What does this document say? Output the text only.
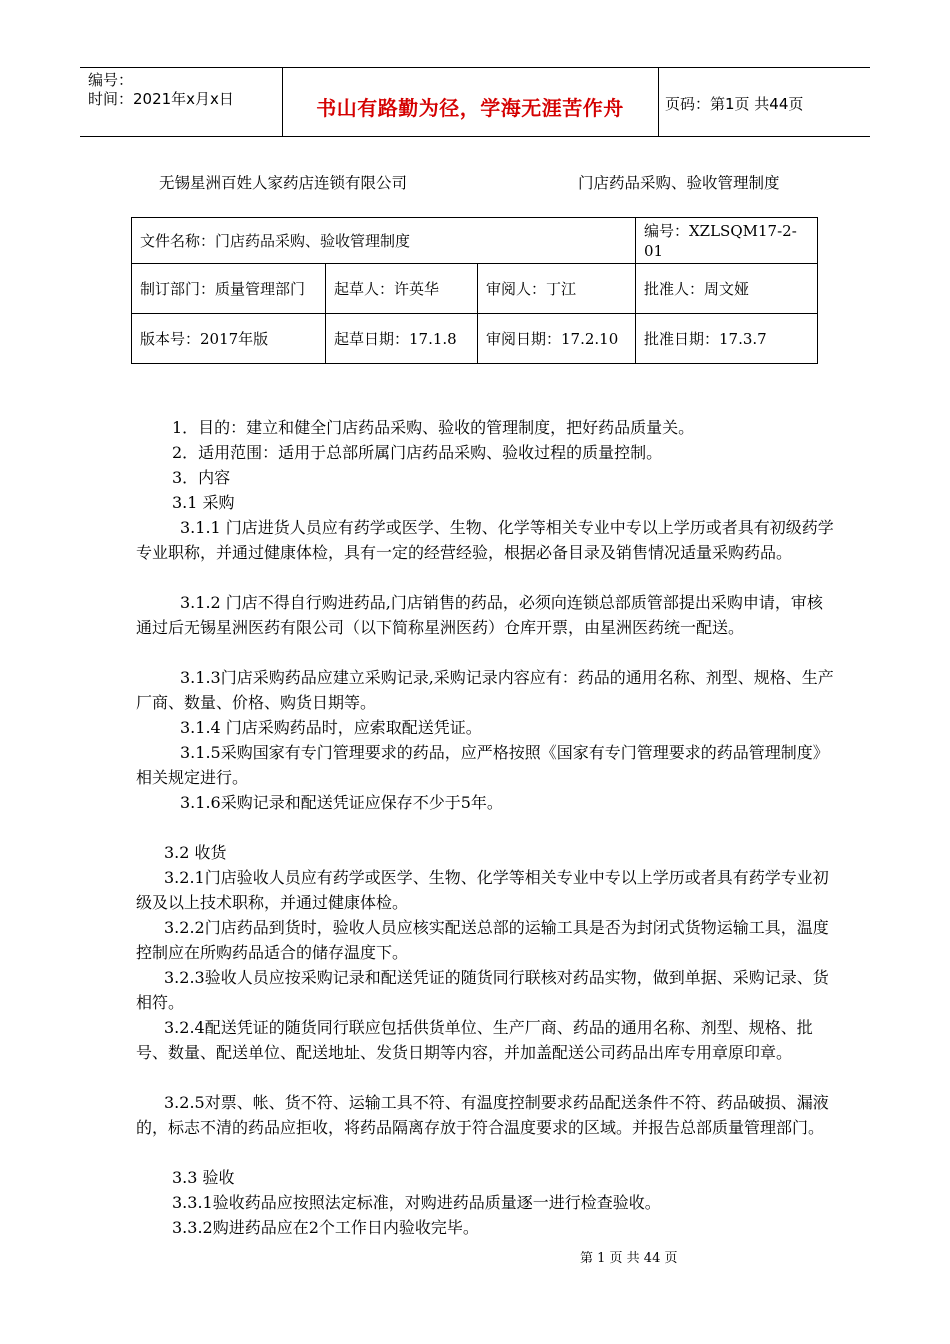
编号：
时间：2021年x月x日	书山有路勤为径，学海无涯苦作舟	页码：第1页 共44页
无锡星洲百姓人家药店连锁有限公司	门店药品采购、验收管理制度
文件名称：门店药品采购、验收管理制度			编号：XZLSQM17-2-01
制订部门：质量管理部门	起草人：许英华	审阅人：丁江	批准人：周文娅
版本号：2017年版	起草日期：17.1.8	审阅日期：17.2.10	批准日期：17.3.7

1．目的：建立和健全门店药品采购、验收的管理制度，把好药品质量关。

2．适用范围：适用于总部所属门店药品采购、验收过程的质量控制。

3．内容

3.1 采购

3.1.1 门店进货人员应有药学或医学、生物、化学等相关专业中专以上学历或者具有初级药学专业职称，并通过健康体检，具有一定的经营经验，根据必备目录及销售情况适量采购药品。

3.1.2 门店不得自行购进药品,门店销售的药品，必须向连锁总部质管部提出采购申请，审核通过后无锡星洲医药有限公司（以下简称星洲医药）仓库开票，由星洲医药统一配送。

3.1.3门店采购药品应建立采购记录,采购记录内容应有：药品的通用名称、剂型、规格、生产厂商、数量、价格、购货日期等。

3.1.4 门店采购药品时，应索取配送凭证。

3.1.5采购国家有专门管理要求的药品，应严格按照《国家有专门管理要求的药品管理制度》相关规定进行。

3.1.6采购记录和配送凭证应保存不少于5年。

3.2 收货

3.2.1门店验收人员应有药学或医学、生物、化学等相关专业中专以上学历或者具有药学专业初级及以上技术职称，并通过健康体检。

3.2.2门店药品到货时，验收人员应核实配送总部的运输工具是否为封闭式货物运输工具，温度控制应在所购药品适合的储存温度下。

3.2.3验收人员应按采购记录和配送凭证的随货同行联核对药品实物，做到单据、采购记录、货相符。

3.2.4配送凭证的随货同行联应包括供货单位、生产厂商、药品的通用名称、剂型、规格、批号、数量、配送单位、配送地址、发货日期等内容，并加盖配送公司药品出库专用章原印章。

3.2.5对票、帐、货不符、运输工具不符、有温度控制要求药品配送条件不符、药品破损、漏液的，标志不清的药品应拒收，将药品隔离存放于符合温度要求的区域。并报告总部质量管理部门。

3.3 验收

3.3.1验收药品应按照法定标准，对购进药品质量逐一进行检查验收。

3.3.2购进药品应在2个工作日内验收完毕。

第 1 页 共 44 页
